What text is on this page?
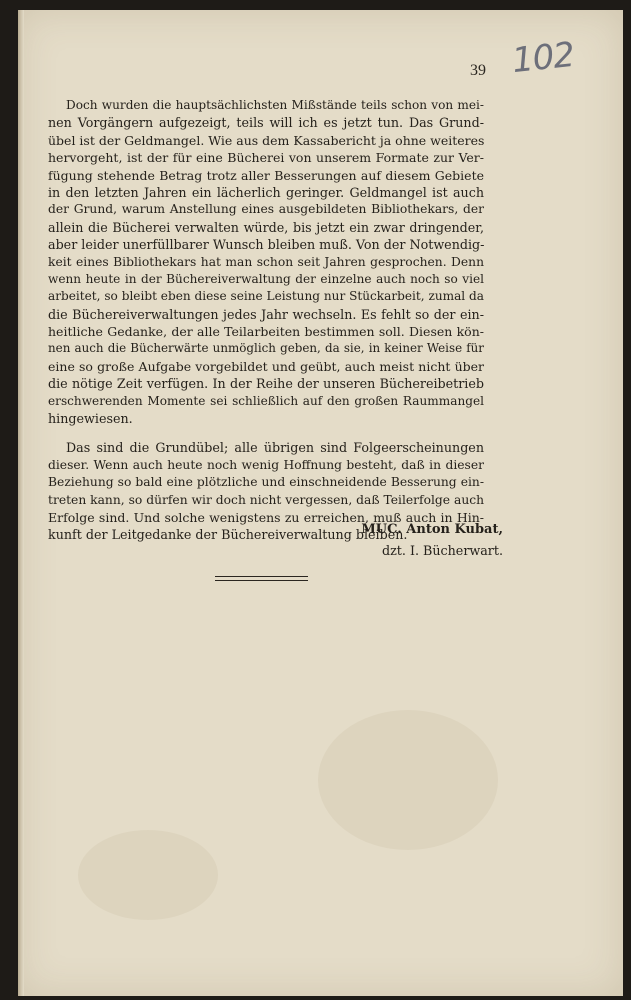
102
39
Doch wurden die hauptsächlichsten Mißstände teils schon von mei-
nen Vorgängern aufgezeigt, teils will ich es jetzt tun. Das Grund-
übel ist der Geldmangel. Wie aus dem Kassabericht ja ohne weiteres
hervorgeht, ist der für eine Bücherei von unserem Formate zur Ver-
fügung stehende Betrag trotz aller Besserungen auf diesem Gebiete
in den letzten Jahren ein lächerlich geringer. Geldmangel ist auch
der Grund, warum Anstellung eines ausgebildeten Bibliothekars, der
allein die Bücherei verwalten würde, bis jetzt ein zwar dringender,
aber leider unerfüllbarer Wunsch bleiben muß. Von der Notwendig-
keit eines Bibliothekars hat man schon seit Jahren gesprochen. Denn
wenn heute in der Büchereiverwaltung der einzelne auch noch so viel
arbeitet, so bleibt eben diese seine Leistung nur Stückarbeit, zumal da
die Büchereiverwaltungen jedes Jahr wechseln. Es fehlt so der ein-
heitliche Gedanke, der alle Teilarbeiten bestimmen soll. Diesen kön-
nen auch die Bücherwärte unmöglich geben, da sie, in keiner Weise für
eine so große Aufgabe vorgebildet und geübt, auch meist nicht über
die nötige Zeit verfügen. In der Reihe der unseren Büchereibetrieb
erschwerenden Momente sei schließlich auf den großen Raummangel
hingewiesen.
Das sind die Grundübel; alle übrigen sind Folgeerscheinungen
dieser. Wenn auch heute noch wenig Hoffnung besteht, daß in dieser
Beziehung so bald eine plötzliche und einschneidende Besserung ein-
treten kann, so dürfen wir doch nicht vergessen, daß Teilerfolge auch
Erfolge sind. Und solche wenigstens zu erreichen, muß auch in Hin-
kunft der Leitgedanke der Büchereiverwaltung bleiben.
MUC. Anton Kubat,
dzt. I. Bücherwart.
